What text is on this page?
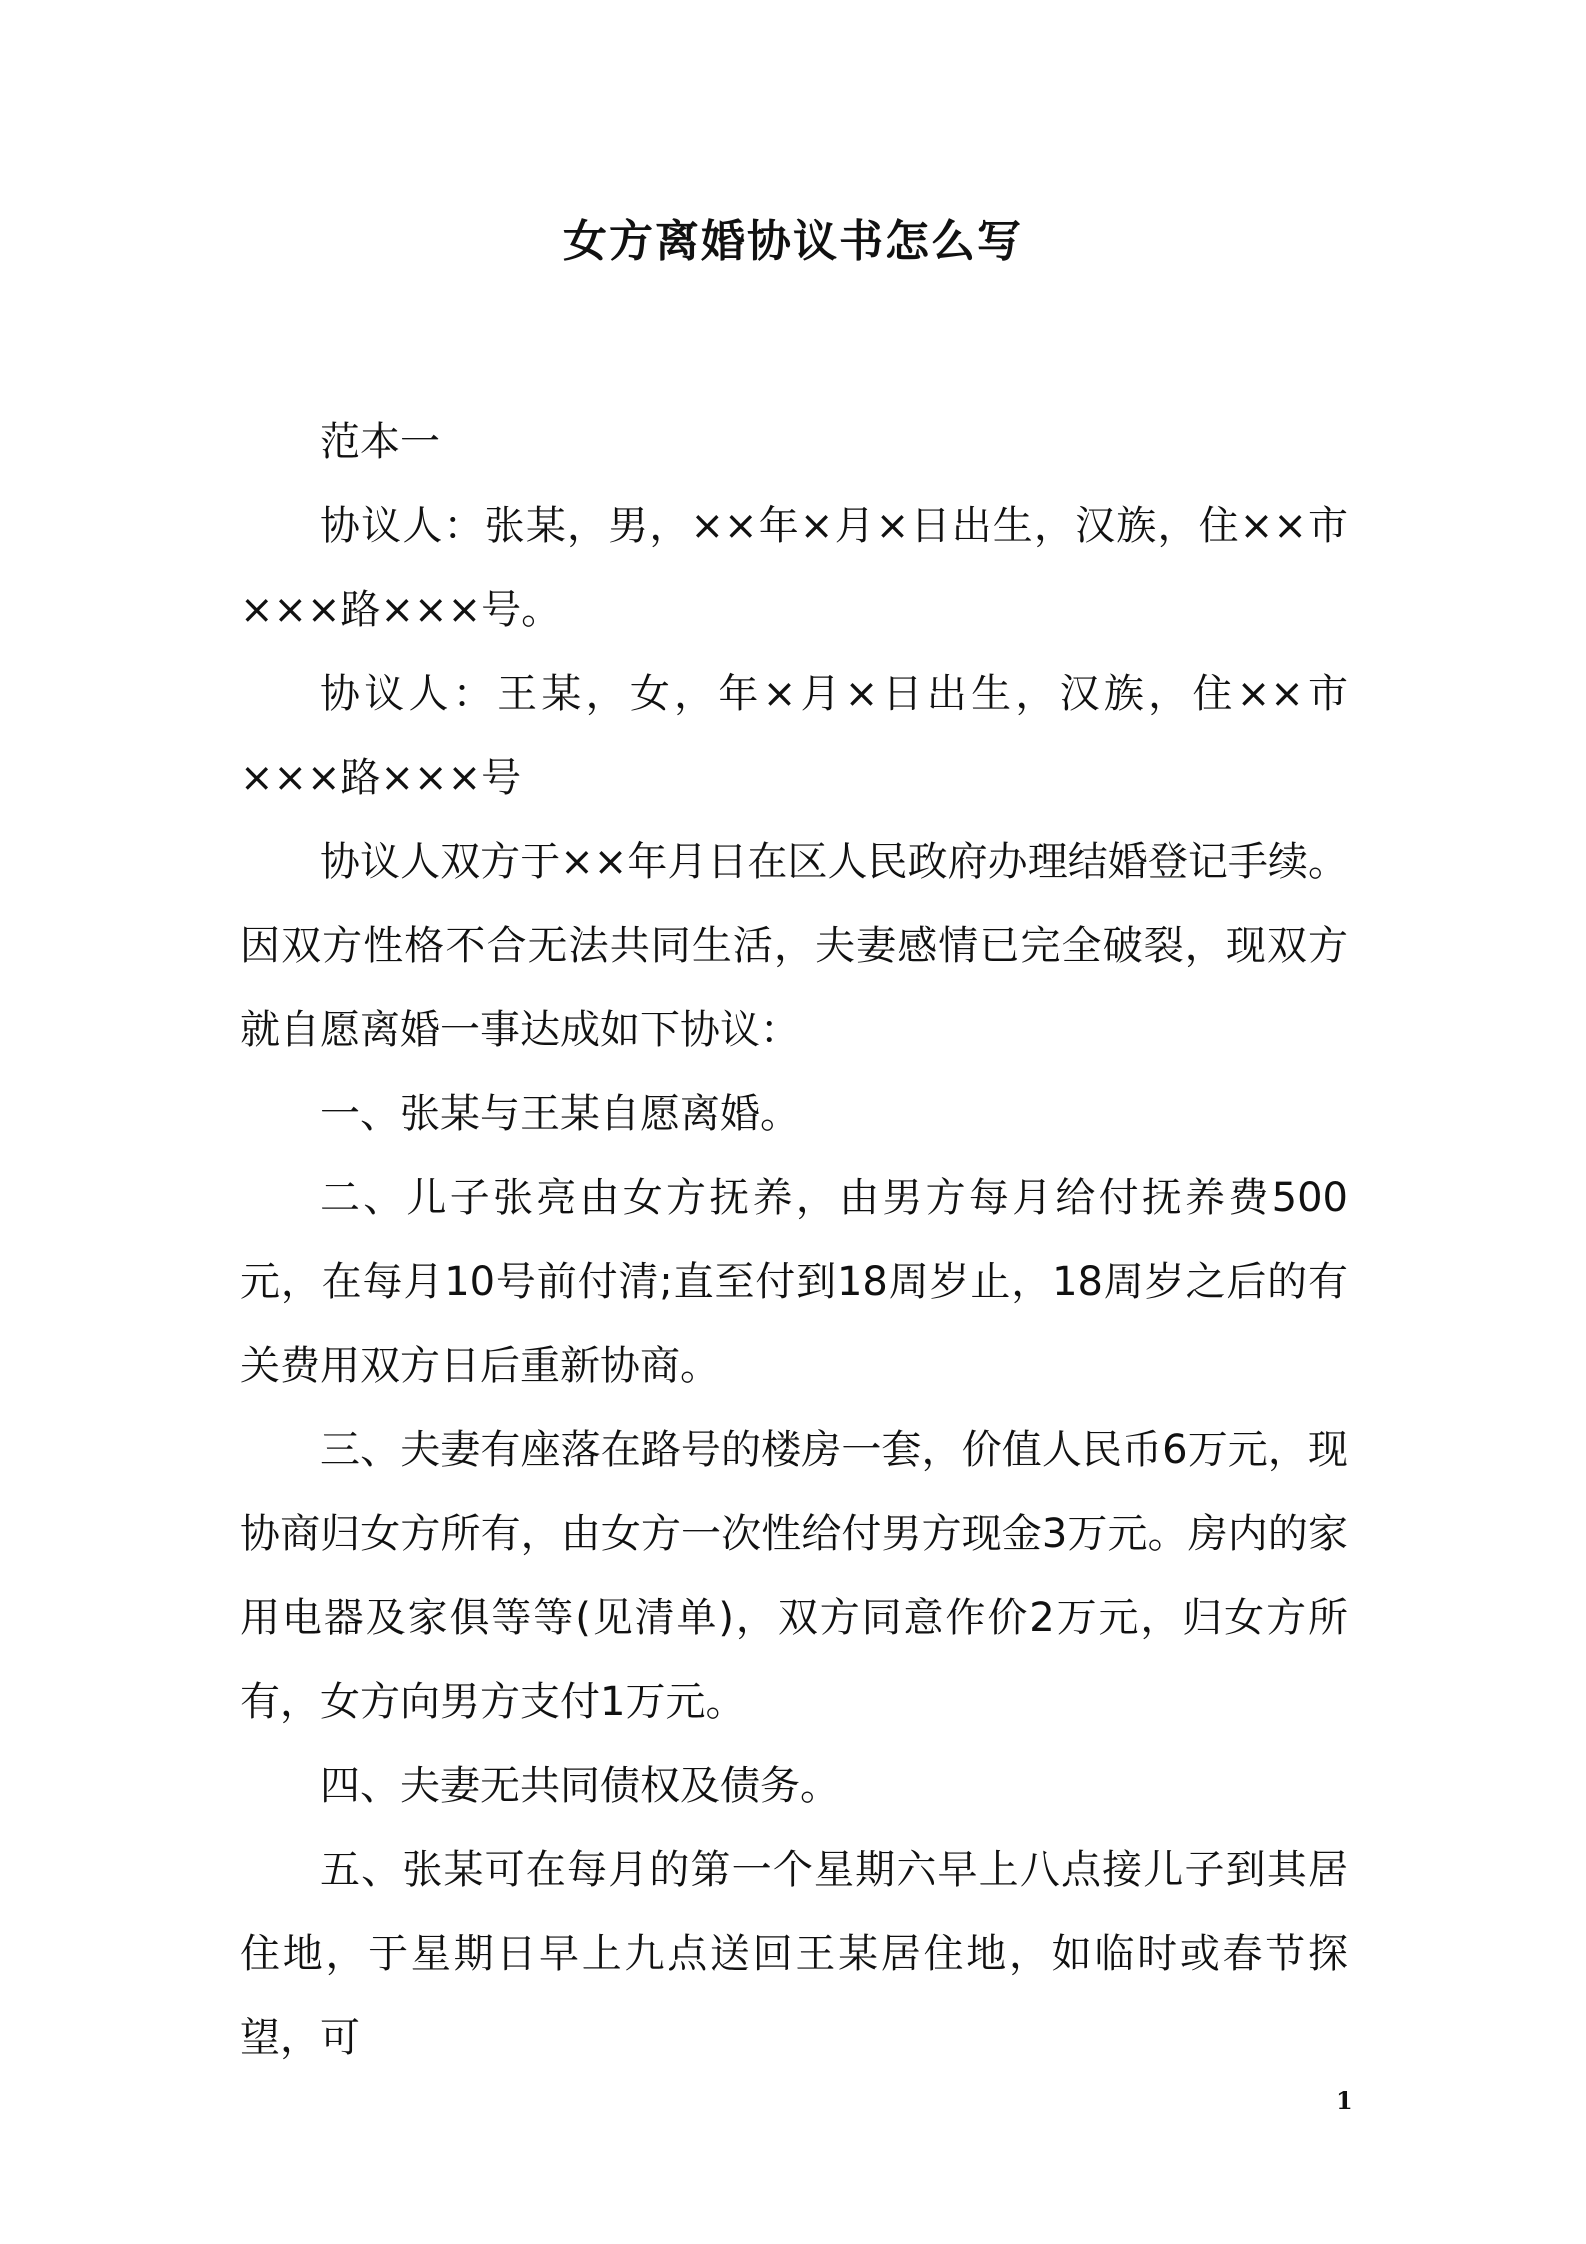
女方离婚协议书怎么写

范本一

协议人：张某，男，××年×月×日出生，汉族，住××市×××路×××号。

协议人：王某，女，年×月×日出生，汉族，住××市×××路×××号

协议人双方于××年月日在区人民政府办理结婚登记手续。因双方性格不合无法共同生活，夫妻感情已完全破裂，现双方就自愿离婚一事达成如下协议：

一、张某与王某自愿离婚。

二、儿子张亮由女方抚养，由男方每月给付抚养费500元，在每月10号前付清;直至付到18周岁止，18周岁之后的有关费用双方日后重新协商。

三、夫妻有座落在路号的楼房一套，价值人民币6万元，现协商归女方所有，由女方一次性给付男方现金3万元。房内的家用电器及家俱等等(见清单)，双方同意作价2万元，归女方所有，女方向男方支付1万元。

四、夫妻无共同债权及债务。

五、张某可在每月的第一个星期六早上八点接儿子到其居住地，于星期日早上九点送回王某居住地，如临时或春节探望，可

1
